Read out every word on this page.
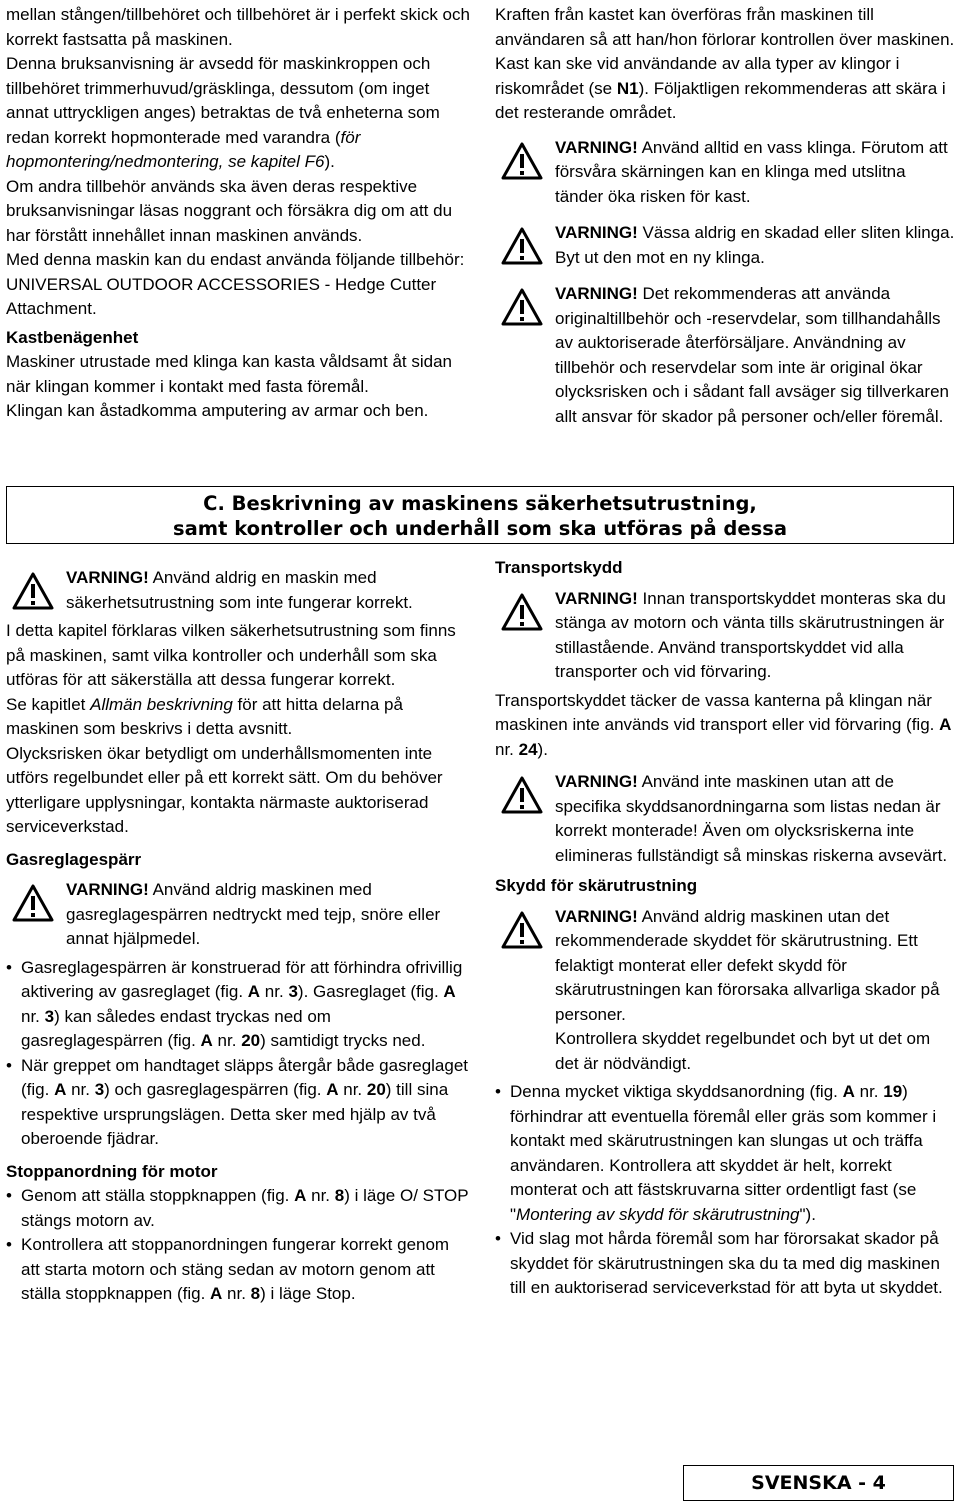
mellan stången/tillbehöret och tillbehöret är i perfekt skick och korrekt fastsatta på maskinen.

Denna bruksanvisning är avsedd för maskinkroppen och tillbehöret trimmerhuvud/gräsklinga, dessutom (om inget annat uttryckligen anges) betraktas de två enheterna som redan korrekt hopmonterade med varandra (för hopmontering/nedmontering, se kapitel F6).

Om andra tillbehör används ska även deras respektive bruksanvisningar läsas noggrant och försäkra dig om att du har förstått innehållet innan maskinen används.

Med denna maskin kan du endast använda följande tillbehör: UNIVERSAL OUTDOOR ACCESSORIES - Hedge Cutter Attachment.

Kastbenägenhet

Maskiner utrustade med klinga kan kasta våldsamt åt sidan när klingan kommer i kontakt med fasta föremål.

Klingan kan åstadkomma amputering av armar och ben.

Kraften från kastet kan överföras från maskinen till användaren så att han/hon förlorar kontrollen över maskinen.

Kast kan ske vid användande av alla typer av klingor i riskområdet (se N1). Följaktligen rekommenderas att skära i det resterande området.

VARNING! Använd alltid en vass klinga. Förutom att försvåra skärningen kan en klinga med utslitna tänder öka risken för kast.
VARNING! Vässa aldrig en skadad eller sliten klinga. Byt ut den mot en ny klinga.
VARNING! Det rekommenderas att använda originaltillbehör och -reservdelar, som tillhandahålls av auktoriserade återförsäljare. Användning av tillbehör och reservdelar som inte är original ökar olycksrisken och i sådant fall avsäger sig tillverkaren allt ansvar för skador på personer och/eller föremål.
C. Beskrivning av maskinens säkerhetsutrustning,
samt kontroller och underhåll som ska utföras på dessa
VARNING! Använd aldrig en maskin med säkerhetsutrustning som inte fungerar korrekt.

I detta kapitel förklaras vilken säkerhetsutrustning som finns på maskinen, samt vilka kontroller och underhåll som ska utföras för att säkerställa att dessa fungerar korrekt.

Se kapitlet Allmän beskrivning för att hitta delarna på maskinen som beskrivs i detta avsnitt.

Olycksrisken ökar betydligt om underhållsmomenten inte utförs regelbundet eller på ett korrekt sätt. Om du behöver ytterligare upplysningar, kontakta närmaste auktoriserad serviceverkstad.

Gasreglagespärr

VARNING! Använd aldrig maskinen med gasreglagespärren nedtryckt med tejp, snöre eller annat hjälpmedel.
• Gasreglagespärren är konstruerad för att förhindra ofrivillig aktivering av gasreglaget (fig. A nr. 3). Gasreglaget (fig. A nr. 3) kan således endast tryckas ned om gasreglagespärren (fig. A nr. 20) samtidigt trycks ned.
• När greppet om handtaget släpps återgår både gasreglaget (fig. A nr. 3) och gasreglagespärren (fig. A nr. 20) till sina respektive ursprungslägen. Detta sker med hjälp av två oberoende fjädrar.

Stoppanordning för motor

• Genom att ställa stoppknappen (fig. A nr. 8) i läge O/ STOP stängs motorn av.
• Kontrollera att stoppanordningen fungerar korrekt genom att starta motorn och stäng sedan av motorn genom att ställa stoppknappen (fig. A nr. 8) i läge Stop.

Transportskydd

VARNING! Innan transportskyddet monteras ska du stänga av motorn och vänta tills skärutrustningen är stillastående. Använd transportskyddet vid alla transporter och vid förvaring.

Transportskyddet täcker de vassa kanterna på klingan när maskinen inte används vid transport eller vid förvaring (fig. A nr. 24).

VARNING! Använd inte maskinen utan att de specifika skyddsanordningarna som listas nedan är korrekt monterade! Även om olycksriskerna inte elimineras fullständigt så minskas riskerna avsevärt.

Skydd för skärutrustning

VARNING! Använd aldrig maskinen utan det rekommenderade skyddet för skärutrustning. Ett felaktigt monterat eller defekt skydd för skärutrustningen kan förorsaka allvarliga skador på personer.
Kontrollera skyddet regelbundet och byt ut det om det är nödvändigt.
• Denna mycket viktiga skyddsanordning (fig. A nr. 19) förhindrar att eventuella föremål eller gräs som kommer i kontakt med skärutrustningen kan slungas ut och träffa användaren. Kontrollera att skyddet är helt, korrekt monterat och att fästskruvarna sitter ordentligt fast (se "Montering av skydd för skärutrustning").
• Vid slag mot hårda föremål som har förorsakat skador på skyddet för skärutrustningen ska du ta med dig maskinen till en auktoriserad serviceverkstad för att byta ut skyddet.
SVENSKA - 4
